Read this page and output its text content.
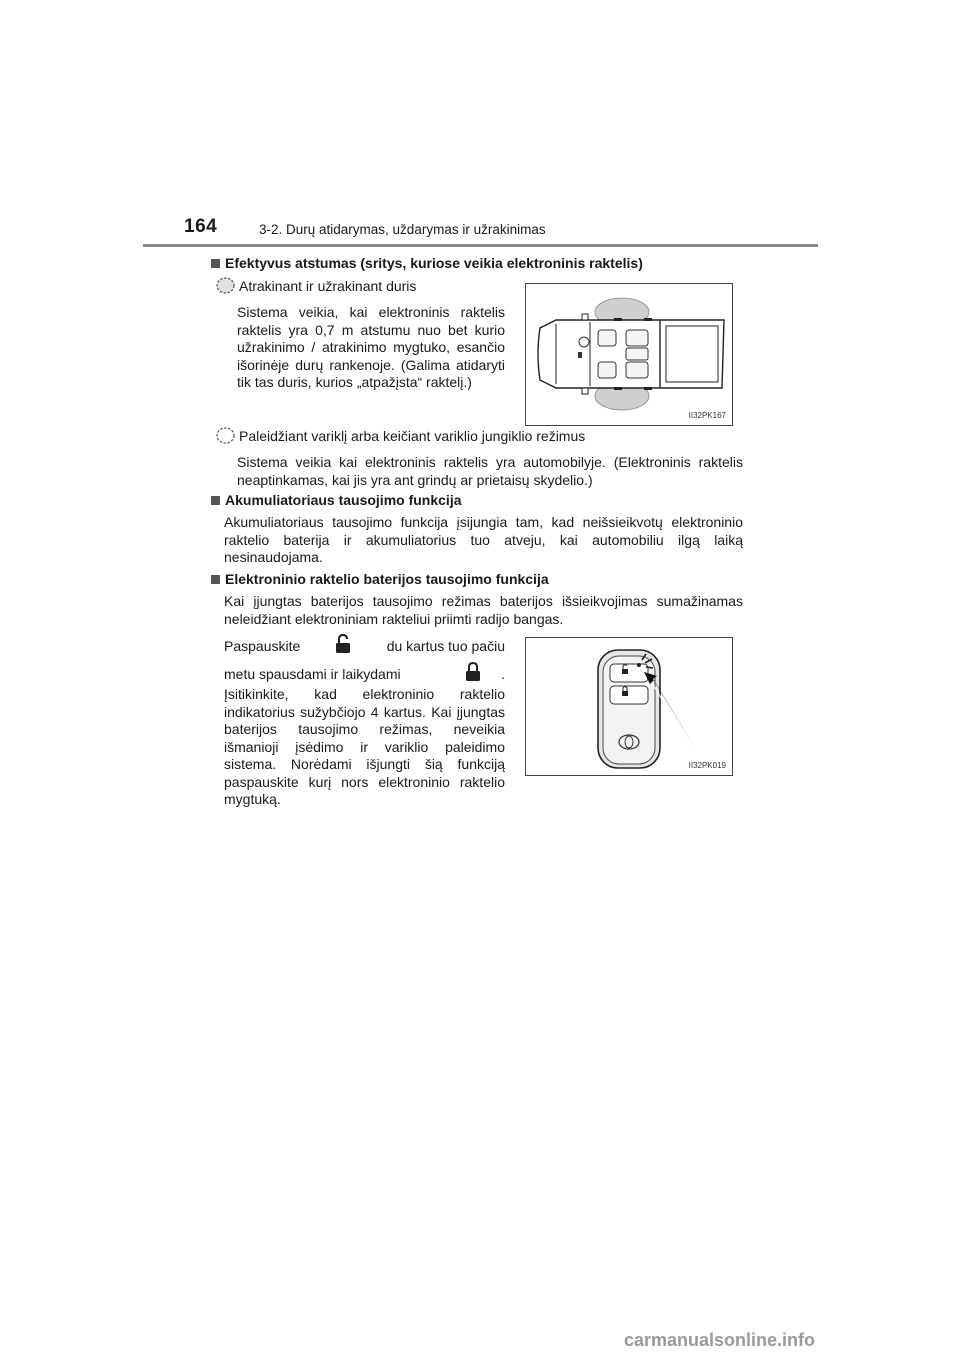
164	3-2. Durų atidarymas, uždarymas ir užrakinimas
Efektyvus atstumas (sritys, kuriose veikia elektroninis raktelis)
Atrakinant ir užrakinant duris

Sistema veikia, kai elektroninis raktelis raktelis yra 0,7 m atstumu nuo bet kurio užrakinimo / atrakinimo mygtuko, esančio išorinėje durų rankenoje. (Galima atidaryti tik tas duris, kurios „atpažįsta“ raktelį.)

II32PK167
Paleidžiant variklį arba keičiant variklio jungiklio režimus

Sistema veikia kai elektroninis raktelis yra automobilyje. (Elektroninis raktelis neaptinkamas, kai jis yra ant grindų ar prietaisų skydelio.)

Akumuliatoriaus tausojimo funkcija

Akumuliatoriaus tausojimo funkcija įsijungia tam, kad neišsieikvotų elektroninio raktelio baterija ir akumuliatorius tuo atveju, kai automobiliu ilgą laiką nesinaudojama.

Elektroninio raktelio baterijos tausojimo funkcija

Kai įjungtas baterijos tausojimo režimas baterijos išsieikvojimas sumažinamas neleidžiant elektroniniam rakteliui priimti radijo bangas.

Paspauskite	du kartus tuo pačiu
metu spausdami ir laikydami	.

Įsitikinkite, kad elektroninio raktelio indikatorius sužybčiojo 4 kartus. Kai įjungtas baterijos tausojimo režimas, neveikia išmanioji įsėdimo ir variklio paleidimo sistema. Norėdami išjungti šią funkciją paspauskite kurį nors elektroninio raktelio mygtuką.

II32PK019
carmanualsonline.info
